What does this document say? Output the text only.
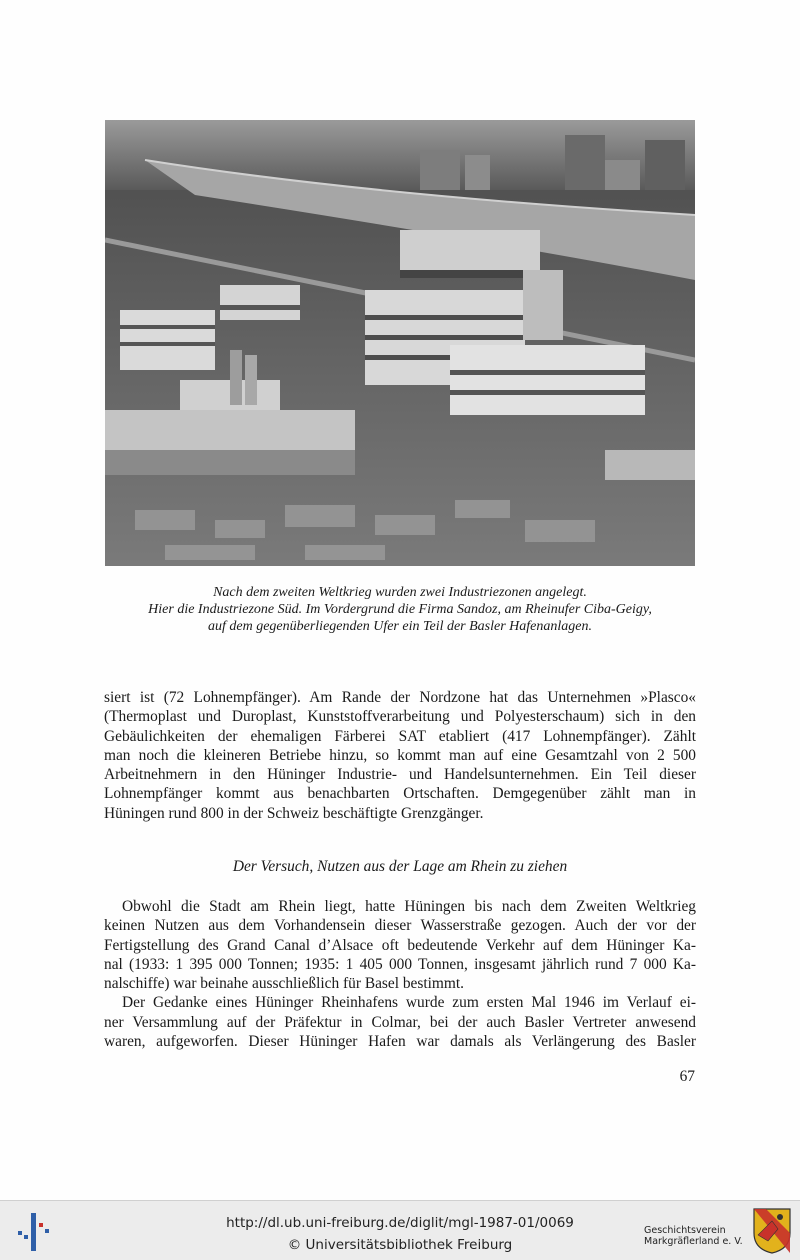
Nach dem zweiten Weltkrieg wurden zwei Industriezonen angelegt.
Hier die Industriezone Süd. Im Vordergrund die Firma Sandoz, am Rheinufer Ciba-Geigy,
auf dem gegenüberliegenden Ufer ein Teil der Basler Hafenanlagen.
siert ist (72 Lohnempfänger). Am Rande der Nordzone hat das Unternehmen »Plasco«
(Thermoplast und Duroplast, Kunststoffverarbeitung und Polyesterschaum) sich in den
Gebäulichkeiten der ehemaligen Färberei SAT etabliert (417 Lohnempfänger). Zählt
man noch die kleineren Betriebe hinzu, so kommt man auf eine Gesamtzahl von 2 500
Arbeitnehmern in den Hüninger Industrie- und Handelsunternehmen. Ein Teil dieser
Lohnempfänger kommt aus benachbarten Ortschaften. Demgegenüber zählt man in
Hüningen rund 800 in der Schweiz beschäftigte Grenzgänger.
Der Versuch, Nutzen aus der Lage am Rhein zu ziehen
Obwohl die Stadt am Rhein liegt, hatte Hüningen bis nach dem Zweiten Weltkrieg
keinen Nutzen aus dem Vorhandensein dieser Wasserstraße gezogen. Auch der vor der
Fertigstellung des Grand Canal d’Alsace oft bedeutende Verkehr auf dem Hüninger Ka-
nal (1933: 1 395 000 Tonnen; 1935: 1 405 000 Tonnen, insgesamt jährlich rund 7 000 Ka-
nalschiffe) war beinahe ausschließlich für Basel bestimmt.
Der Gedanke eines Hüninger Rheinhafens wurde zum ersten Mal 1946 im Verlauf ei-
ner Versammlung auf der Präfektur in Colmar, bei der auch Basler Vertreter anwesend
waren, aufgeworfen. Dieser Hüninger Hafen war damals als Verlängerung des Basler
67
http://dl.ub.uni-freiburg.de/diglit/mgl-1987-01/0069
© Universitätsbibliothek Freiburg
Geschichtsverein
Markgräflerland e. V.
